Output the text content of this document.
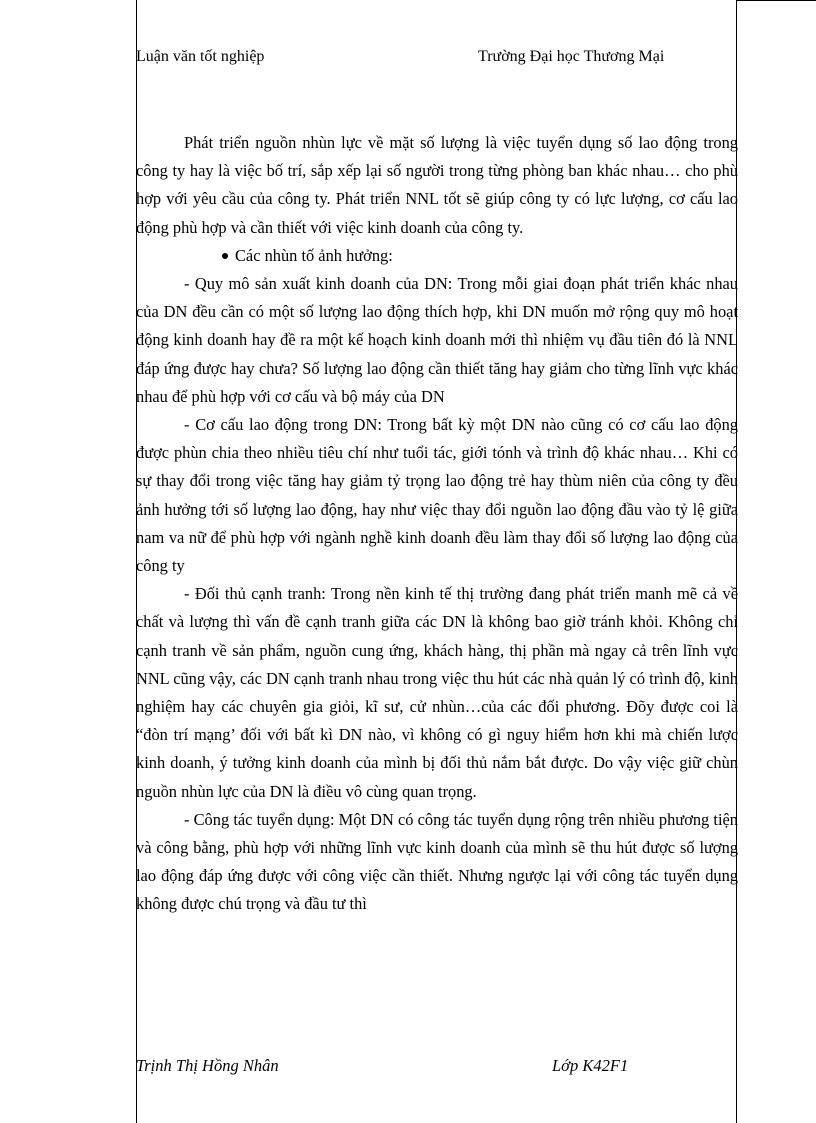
Luận văn tốt nghiệp	Trường Đại học Thương Mại

Phát triển nguồn nhùn lực về mặt số lượng là việc tuyển dụng số lao động trong công ty hay là việc bố trí, sắp xếp lại số người trong từng phòng ban khác nhau… cho phù hợp với yêu cầu của công ty. Phát triển NNL tốt sẽ giúp công ty có lực lượng, cơ cấu lao động phù hợp và cần thiết với việc kinh doanh của công ty.

Các nhùn tố ảnh hưởng:

- Quy mô sản xuất kinh doanh của DN: Trong mỗi giai đoạn phát triển khác nhau của DN đều cần có một số lượng lao động thích hợp, khi DN muốn mở rộng quy mô hoạt động kinh doanh hay đề ra một kế hoạch kinh doanh mới thì nhiệm vụ đầu tiên đó là NNL đáp ứng được hay chưa? Số lượng lao động cần thiết tăng hay giảm cho từng lĩnh vực khác nhau để phù hợp với cơ cấu và bộ máy của DN

- Cơ cấu lao động trong DN: Trong bất kỳ một DN nào cũng có cơ cấu lao động được phùn chia theo nhiều tiêu chí như tuổi tác, giới tónh và trình độ khác nhau… Khi có sự thay đổi trong việc tăng hay giảm tỷ trọng lao động trẻ hay thùm niên của công ty đều ảnh hưởng tới số lượng lao động, hay như việc thay đổi nguồn lao động đầu vào tỷ lệ giữa nam va nữ để phù hợp với ngành nghề kinh doanh đều làm thay đổi số lượng lao động của công ty

- Đối thủ cạnh tranh: Trong nền kinh tế thị trường đang phát triển manh mẽ cả về chất và lượng thì vấn đề cạnh tranh giữa các DN là không bao giờ tránh khỏi. Không chỉ cạnh tranh về sản phẩm, nguồn cung ứng, khách hàng, thị phần mà ngay cả trên lĩnh vực NNL cũng vậy, các DN cạnh tranh nhau trong việc thu hút các nhà quản lý có trình độ, kinh nghiệm hay các chuyên gia giỏi, kĩ sư, cử nhùn…của các đối phương. Đõy được coi là “đòn trí mạng’ đối với bất kì DN nào, vì không có gì nguy hiểm hơn khi mà chiến lược kinh doanh, ý tưởng kinh doanh của mình bị đối thủ nắm bắt được. Do vậy việc giữ chùn nguồn nhùn lực của DN là điều vô cùng quan trọng.

- Công tác tuyển dụng: Một DN có công tác tuyển dụng rộng trên nhiều phương tiện và công bằng, phù hợp với những lĩnh vực kinh doanh của mình sẽ thu hút được số lượng lao động đáp ứng được với công việc cần thiết. Nhưng ngược lại với công tác tuyển dụng không được chú trọng và đầu tư thì

Trịnh Thị Hồng Nhân	Lớp K42F1
